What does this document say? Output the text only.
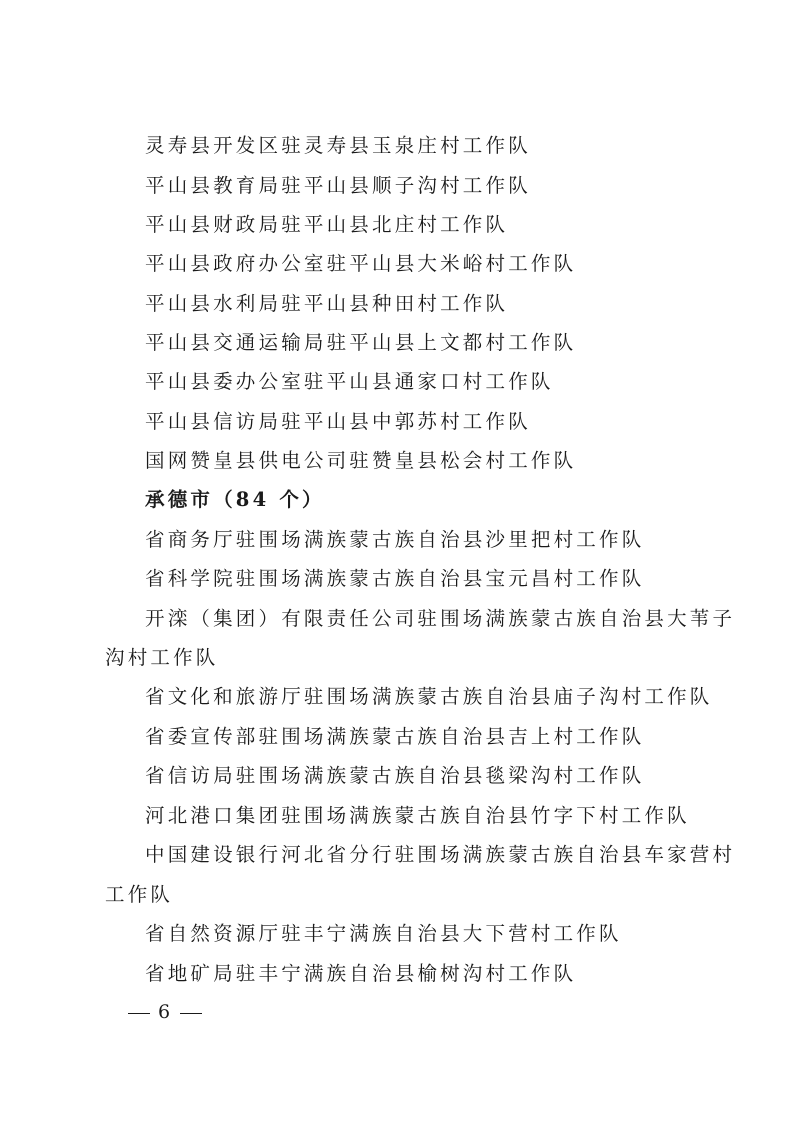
灵寿县开发区驻灵寿县玉泉庄村工作队
平山县教育局驻平山县顺子沟村工作队
平山县财政局驻平山县北庄村工作队
平山县政府办公室驻平山县大米峪村工作队
平山县水利局驻平山县种田村工作队
平山县交通运输局驻平山县上文都村工作队
平山县委办公室驻平山县通家口村工作队
平山县信访局驻平山县中郭苏村工作队
国网赞皇县供电公司驻赞皇县松会村工作队
承德市（84 个）
省商务厅驻围场满族蒙古族自治县沙里把村工作队
省科学院驻围场满族蒙古族自治县宝元昌村工作队
开滦（集团）有限责任公司驻围场满族蒙古族自治县大苇子
沟村工作队
省文化和旅游厅驻围场满族蒙古族自治县庙子沟村工作队
省委宣传部驻围场满族蒙古族自治县吉上村工作队
省信访局驻围场满族蒙古族自治县毯梁沟村工作队
河北港口集团驻围场满族蒙古族自治县竹字下村工作队
中国建设银行河北省分行驻围场满族蒙古族自治县车家营村
工作队
省自然资源厅驻丰宁满族自治县大下营村工作队
省地矿局驻丰宁满族自治县榆树沟村工作队
6
